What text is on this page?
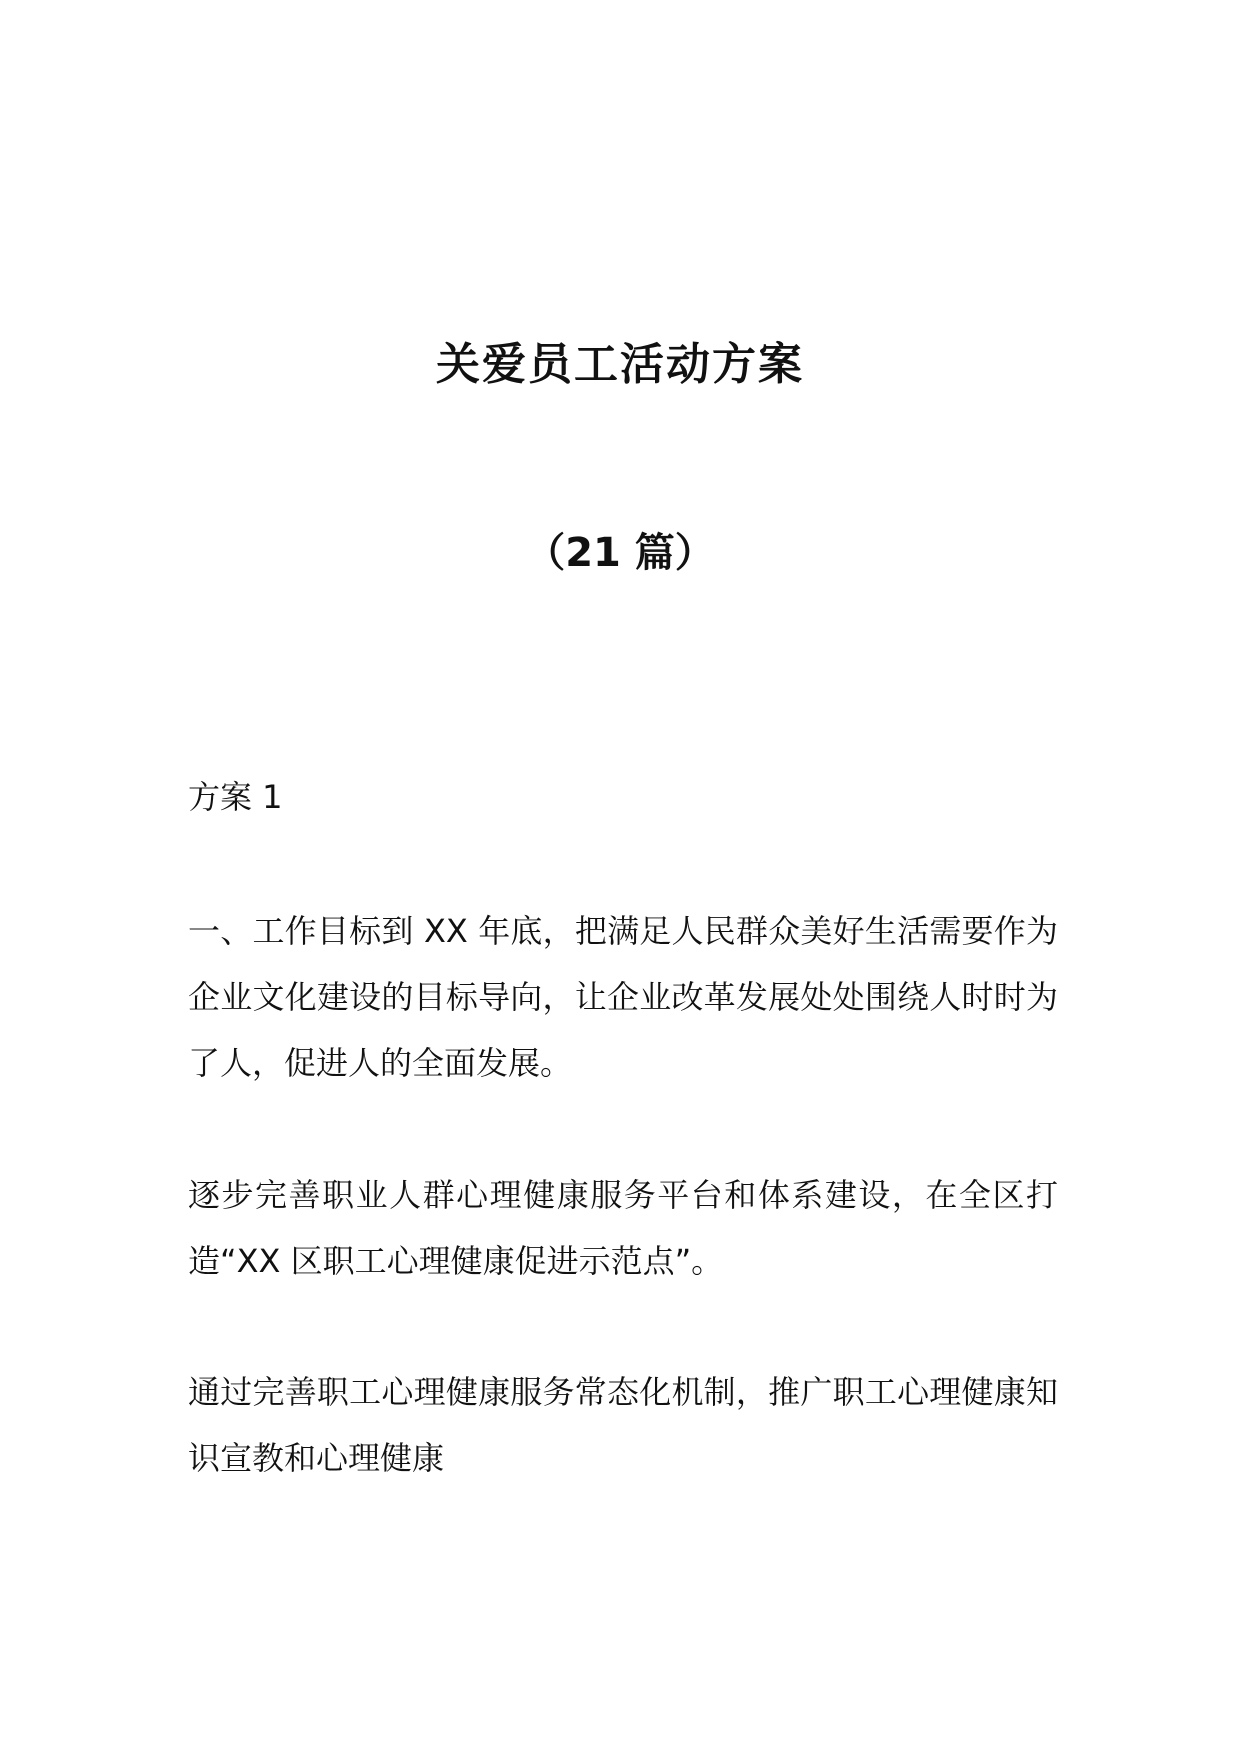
关爱员工活动方案
（21 篇）

方案 1

一、工作目标到 XX 年底，把满足人民群众美好生活需要作为企业文化建设的目标导向，让企业改革发展处处围绕人时时为了人，促进人的全面发展。

逐步完善职业人群心理健康服务平台和体系建设，在全区打造“XX 区职工心理健康促进示范点”。

通过完善职工心理健康服务常态化机制，推广职工心理健康知识宣教和心理健康
